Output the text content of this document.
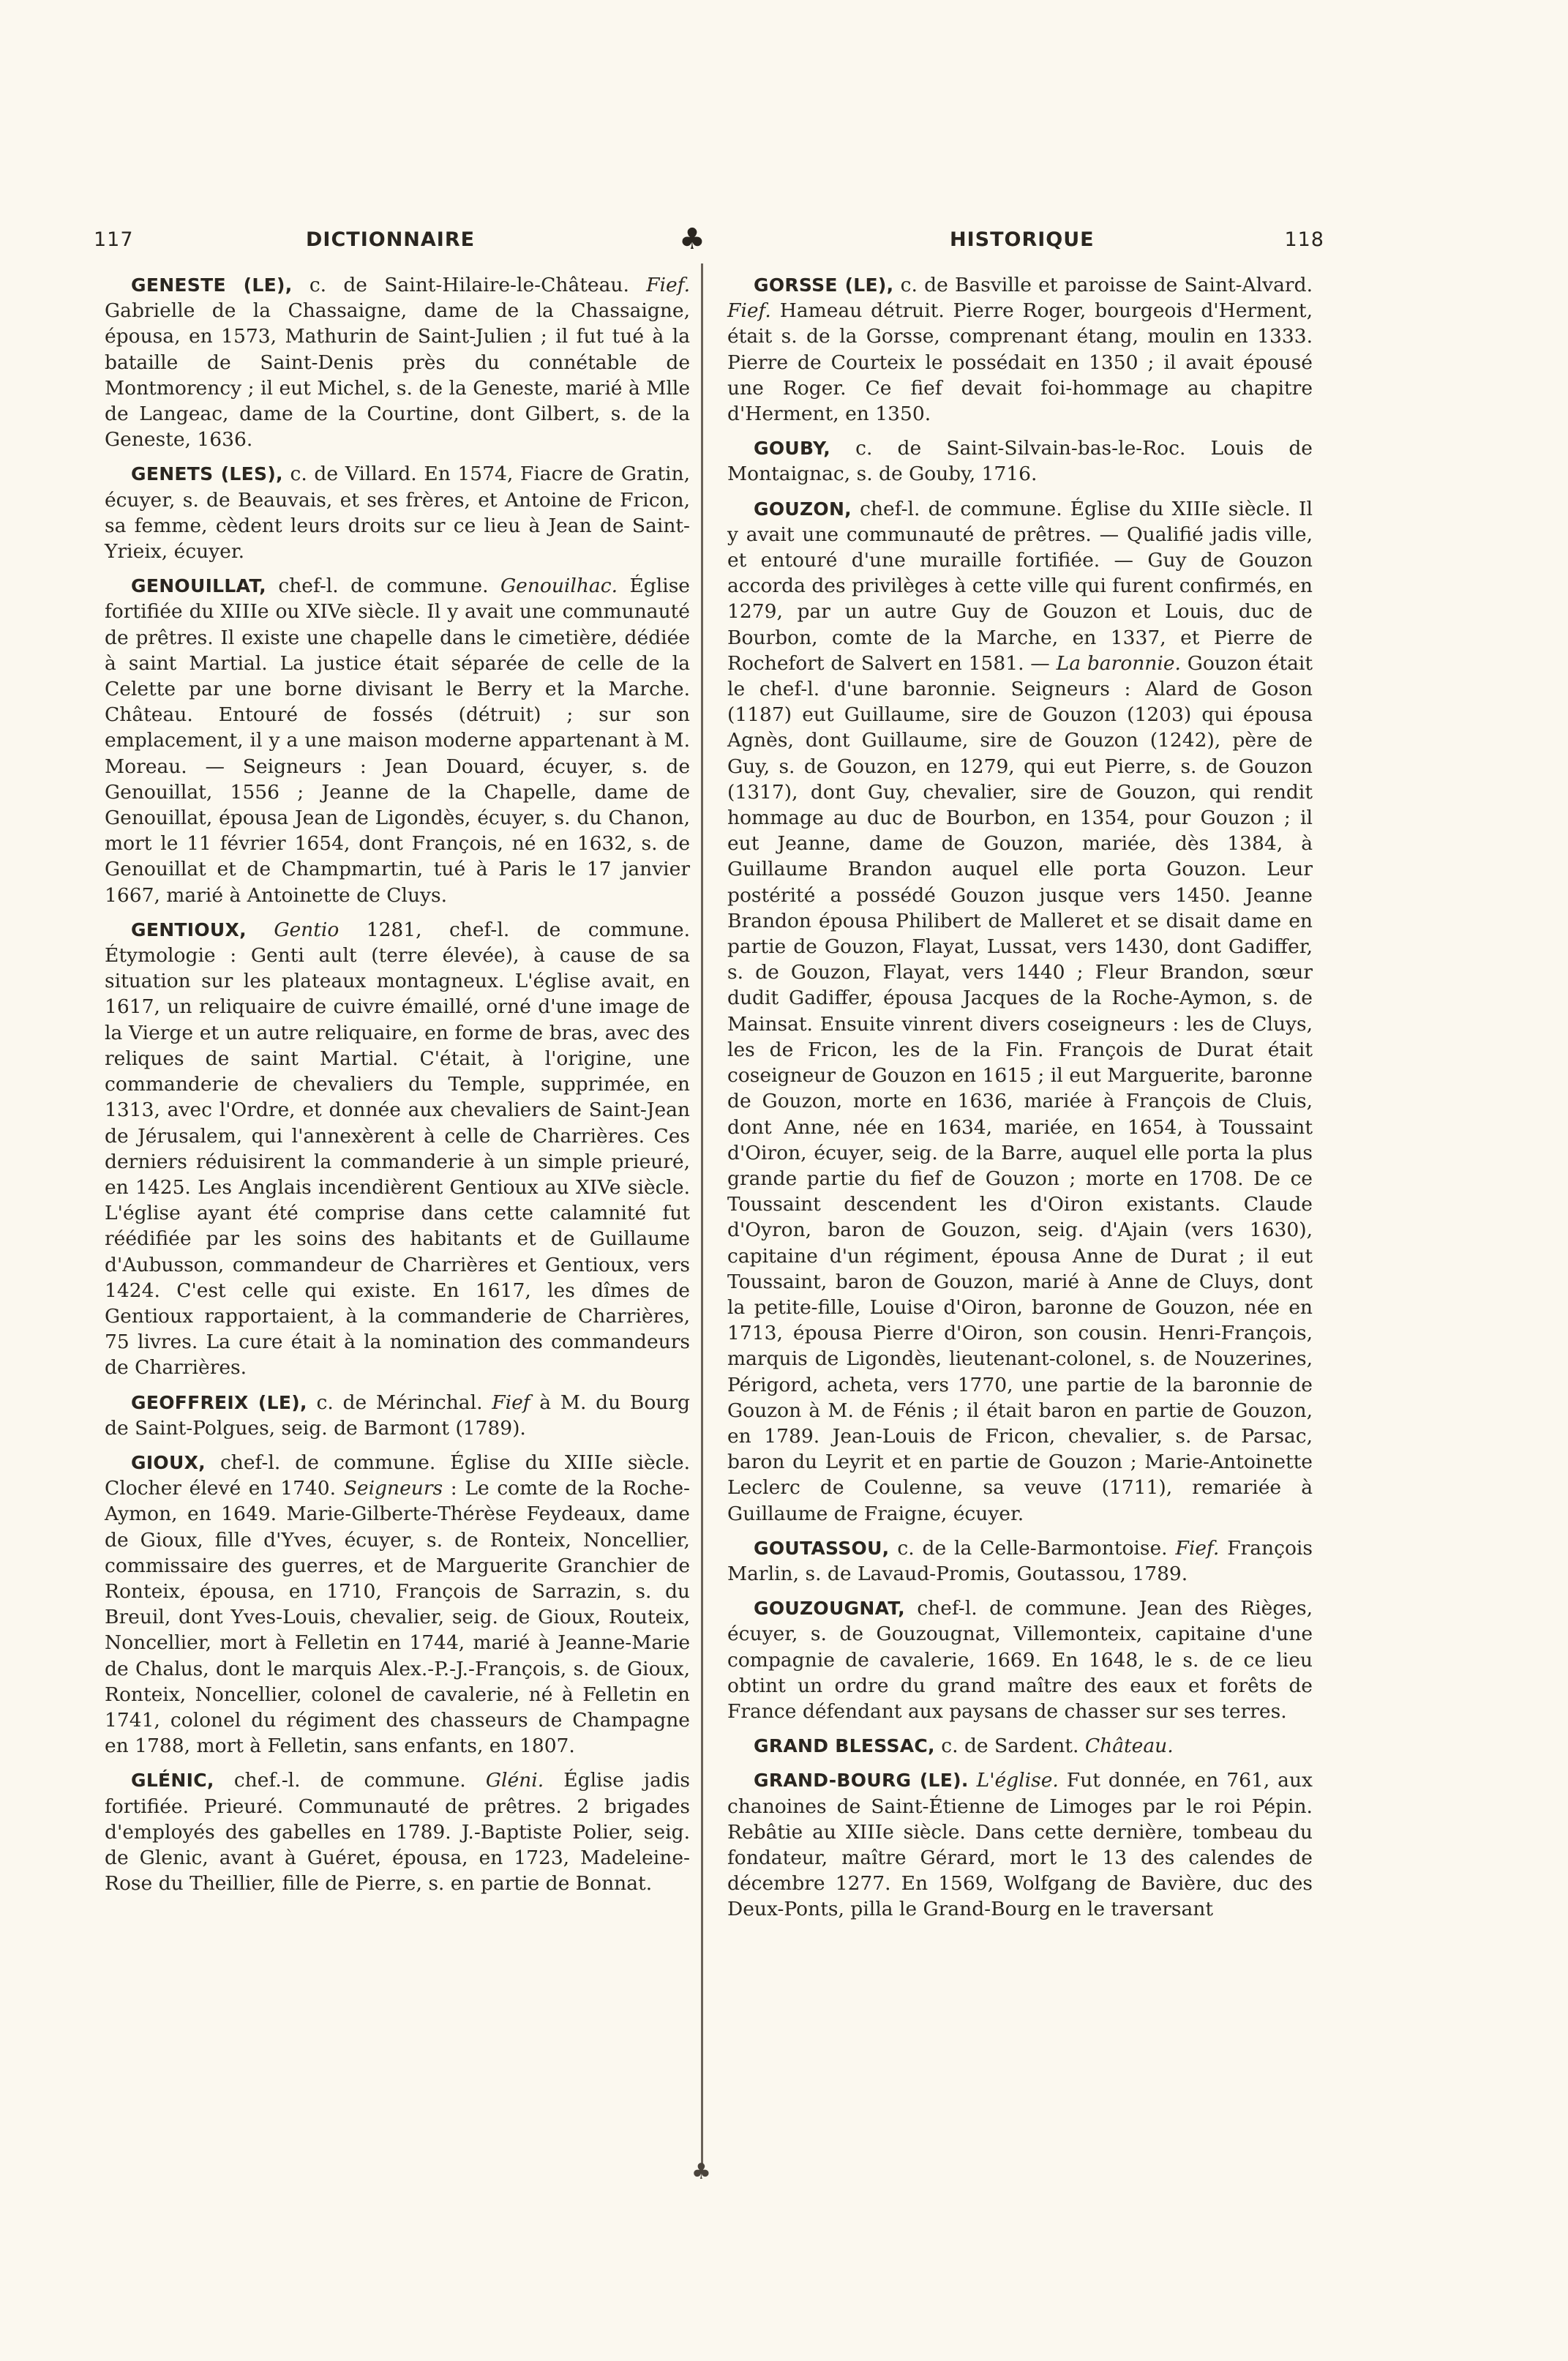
117	DICTIONNAIRE	♣	HISTORIQUE	118
♣

GENESTE (LE), c. de Saint-Hilaire-le-Château. Fief. Gabrielle de la Chassaigne, dame de la Chassaigne, épousa, en 1573, Mathurin de Saint-Julien ; il fut tué à la bataille de Saint-Denis près du connétable de Montmorency ; il eut Michel, s. de la Geneste, marié à Mlle de Langeac, dame de la Courtine, dont Gilbert, s. de la Geneste, 1636.

GENETS (LES), c. de Villard. En 1574, Fiacre de Gratin, écuyer, s. de Beauvais, et ses frères, et Antoine de Fricon, sa femme, cèdent leurs droits sur ce lieu à Jean de Saint-Yrieix, écuyer.

GENOUILLAT, chef-l. de commune. Genouilhac. Église fortifiée du XIIIe ou XIVe siècle. Il y avait une communauté de prêtres. Il existe une chapelle dans le cimetière, dédiée à saint Martial. La justice était séparée de celle de la Celette par une borne divisant le Berry et la Marche. Château. Entouré de fossés (détruit) ; sur son emplacement, il y a une maison moderne appartenant à M. Moreau. — Seigneurs : Jean Douard, écuyer, s. de Genouillat, 1556 ; Jeanne de la Chapelle, dame de Genouillat, épousa Jean de Ligondès, écuyer, s. du Chanon, mort le 11 février 1654, dont François, né en 1632, s. de Genouillat et de Champmartin, tué à Paris le 17 janvier 1667, marié à Antoinette de Cluys.

GENTIOUX, Gentio 1281, chef-l. de commune. Étymologie : Genti ault (terre élevée), à cause de sa situation sur les plateaux montagneux. L'église avait, en 1617, un reliquaire de cuivre émaillé, orné d'une image de la Vierge et un autre reliquaire, en forme de bras, avec des reliques de saint Martial. C'était, à l'origine, une commanderie de chevaliers du Temple, supprimée, en 1313, avec l'Ordre, et donnée aux chevaliers de Saint-Jean de Jérusalem, qui l'annexèrent à celle de Charrières. Ces derniers réduisirent la commanderie à un simple prieuré, en 1425. Les Anglais incendièrent Gentioux au XIVe siècle. L'église ayant été comprise dans cette calamnité fut réédifiée par les soins des habitants et de Guillaume d'Aubusson, commandeur de Charrières et Gentioux, vers 1424. C'est celle qui existe. En 1617, les dîmes de Gentioux rapportaient, à la commanderie de Charrières, 75 livres. La cure était à la nomination des commandeurs de Charrières.

GEOFFREIX (LE), c. de Mérinchal. Fief à M. du Bourg de Saint-Polgues, seig. de Barmont (1789).

GIOUX, chef-l. de commune. Église du XIIIe siècle. Clocher élevé en 1740. Seigneurs : Le comte de la Roche-Aymon, en 1649. Marie-Gilberte-Thérèse Feydeaux, dame de Gioux, fille d'Yves, écuyer, s. de Ronteix, Noncellier, commissaire des guerres, et de Marguerite Granchier de Ronteix, épousa, en 1710, François de Sarrazin, s. du Breuil, dont Yves-Louis, chevalier, seig. de Gioux, Routeix, Noncellier, mort à Felletin en 1744, marié à Jeanne-Marie de Chalus, dont le marquis Alex.-P.-J.-François, s. de Gioux, Ronteix, Noncellier, colonel de cavalerie, né à Felletin en 1741, colonel du régiment des chasseurs de Champagne en 1788, mort à Felletin, sans enfants, en 1807.

GLÉNIC, chef.-l. de commune. Gléni. Église jadis fortifiée. Prieuré. Communauté de prêtres. 2 brigades d'employés des gabelles en 1789. J.-Baptiste Polier, seig. de Glenic, avant à Guéret, épousa, en 1723, Madeleine-Rose du Theillier, fille de Pierre, s. en partie de Bonnat.

GORSSE (LE), c. de Basville et paroisse de Saint-Alvard. Fief. Hameau détruit. Pierre Roger, bourgeois d'Herment, était s. de la Gorsse, comprenant étang, moulin en 1333. Pierre de Courteix le possédait en 1350 ; il avait épousé une Roger. Ce fief devait foi-hommage au chapitre d'Herment, en 1350.

GOUBY, c. de Saint-Silvain-bas-le-Roc. Louis de Montaignac, s. de Gouby, 1716.

GOUZON, chef-l. de commune. Église du XIIIe siècle. Il y avait une communauté de prêtres. — Qualifié jadis ville, et entouré d'une muraille fortifiée. — Guy de Gouzon accorda des privilèges à cette ville qui furent confirmés, en 1279, par un autre Guy de Gouzon et Louis, duc de Bourbon, comte de la Marche, en 1337, et Pierre de Rochefort de Salvert en 1581. — La baronnie. Gouzon était le chef-l. d'une baronnie. Seigneurs : Alard de Goson (1187) eut Guillaume, sire de Gouzon (1203) qui épousa Agnès, dont Guillaume, sire de Gouzon (1242), père de Guy, s. de Gouzon, en 1279, qui eut Pierre, s. de Gouzon (1317), dont Guy, chevalier, sire de Gouzon, qui rendit hommage au duc de Bourbon, en 1354, pour Gouzon ; il eut Jeanne, dame de Gouzon, mariée, dès 1384, à Guillaume Brandon auquel elle porta Gouzon. Leur postérité a possédé Gouzon jusque vers 1450. Jeanne Brandon épousa Philibert de Malleret et se disait dame en partie de Gouzon, Flayat, Lussat, vers 1430, dont Gadiffer, s. de Gouzon, Flayat, vers 1440 ; Fleur Brandon, sœur dudit Gadiffer, épousa Jacques de la Roche-Aymon, s. de Mainsat. Ensuite vinrent divers coseigneurs : les de Cluys, les de Fricon, les de la Fin. François de Durat était coseigneur de Gouzon en 1615 ; il eut Marguerite, baronne de Gouzon, morte en 1636, mariée à François de Cluis, dont Anne, née en 1634, mariée, en 1654, à Toussaint d'Oiron, écuyer, seig. de la Barre, auquel elle porta la plus grande partie du fief de Gouzon ; morte en 1708. De ce Toussaint descendent les d'Oiron existants. Claude d'Oyron, baron de Gouzon, seig. d'Ajain (vers 1630), capitaine d'un régiment, épousa Anne de Durat ; il eut Toussaint, baron de Gouzon, marié à Anne de Cluys, dont la petite-fille, Louise d'Oiron, baronne de Gouzon, née en 1713, épousa Pierre d'Oiron, son cousin. Henri-François, marquis de Ligondès, lieutenant-colonel, s. de Nouzerines, Périgord, acheta, vers 1770, une partie de la baronnie de Gouzon à M. de Fénis ; il était baron en partie de Gouzon, en 1789. Jean-Louis de Fricon, chevalier, s. de Parsac, baron du Leyrit et en partie de Gouzon ; Marie-Antoinette Leclerc de Coulenne, sa veuve (1711), remariée à Guillaume de Fraigne, écuyer.

GOUTASSOU, c. de la Celle-Barmontoise. Fief. François Marlin, s. de Lavaud-Promis, Goutassou, 1789.

GOUZOUGNAT, chef-l. de commune. Jean des Rièges, écuyer, s. de Gouzougnat, Villemonteix, capitaine d'une compagnie de cavalerie, 1669. En 1648, le s. de ce lieu obtint un ordre du grand maître des eaux et forêts de France défendant aux paysans de chasser sur ses terres.

GRAND BLESSAC, c. de Sardent. Château.

GRAND-BOURG (LE). L'église. Fut donnée, en 761, aux chanoines de Saint-Étienne de Limoges par le roi Pépin. Rebâtie au XIIIe siècle. Dans cette dernière, tombeau du fondateur, maître Gérard, mort le 13 des calendes de décembre 1277. En 1569, Wolfgang de Bavière, duc des Deux-Ponts, pilla le Grand-Bourg en le traversant
